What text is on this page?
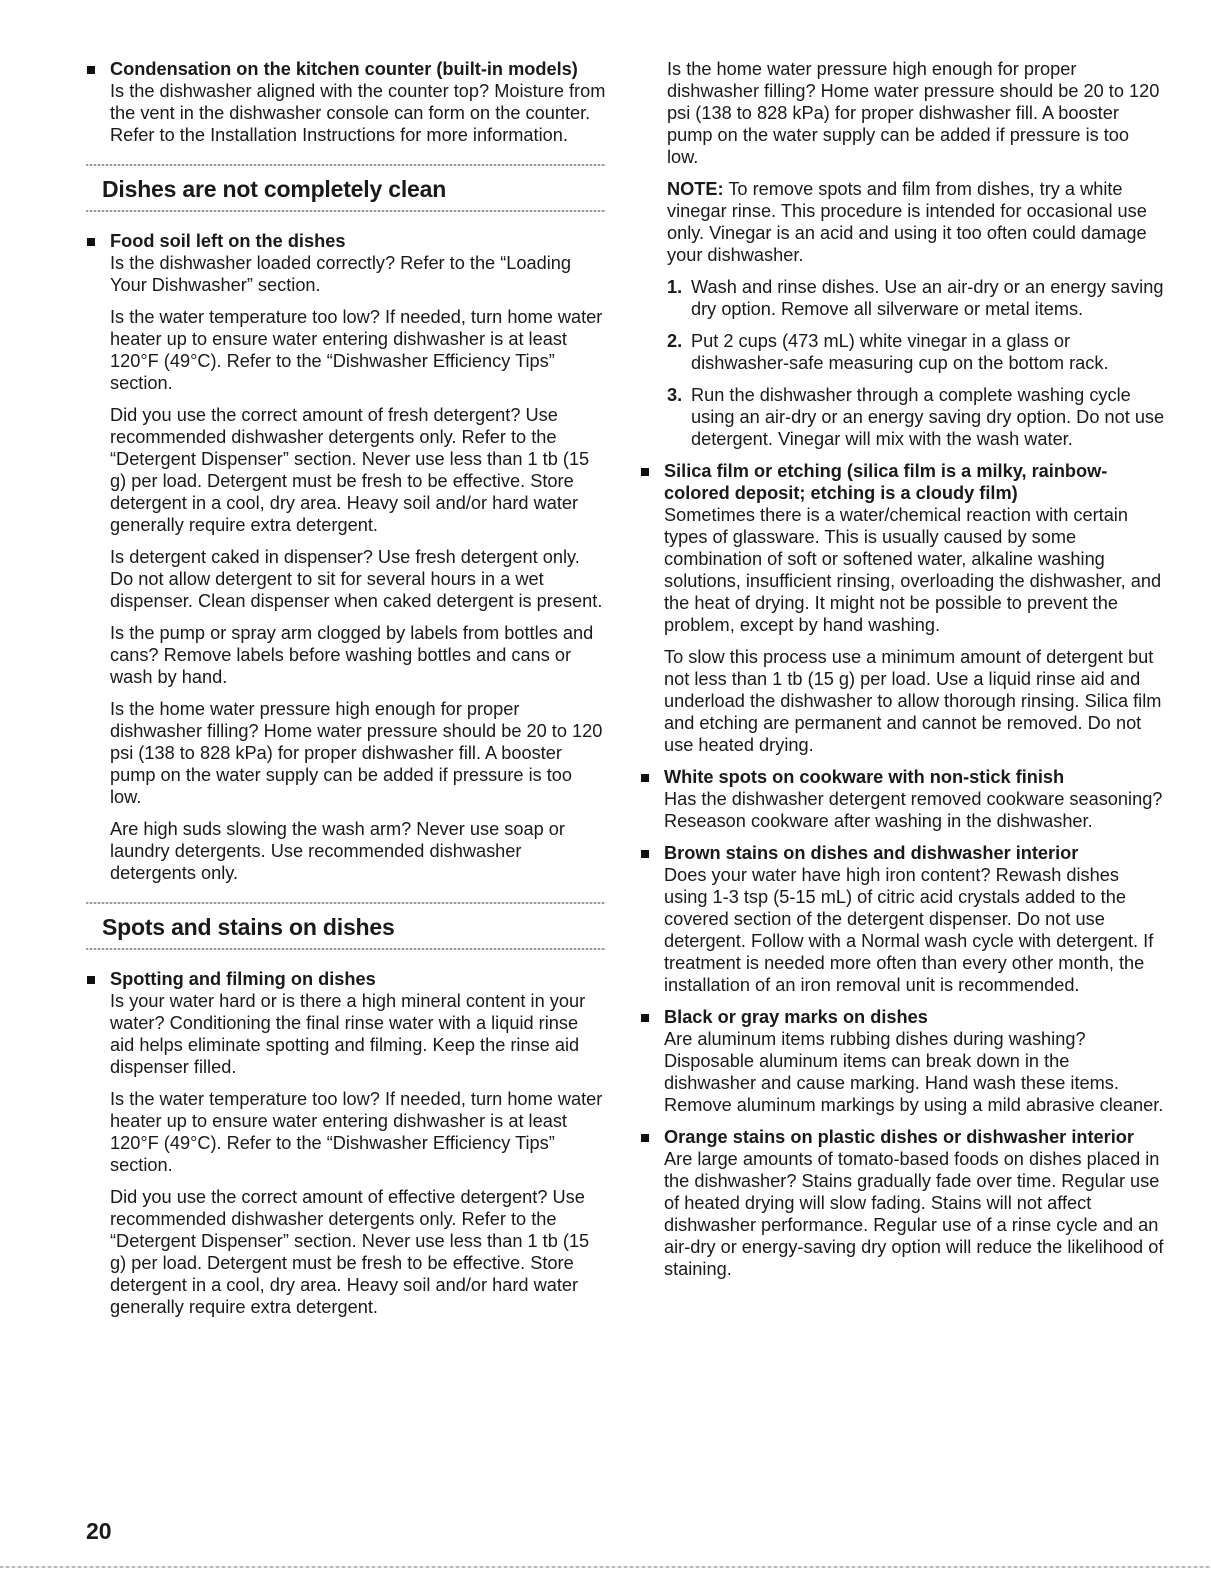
Condensation on the kitchen counter (built-in models)

Is the dishwasher aligned with the counter top? Moisture from the vent in the dishwasher console can form on the counter. Refer to the Installation Instructions for more information.

Dishes are not completely clean
Food soil left on the dishes

Is the dishwasher loaded correctly? Refer to the “Loading Your Dishwasher” section.

Is the water temperature too low? If needed, turn home water heater up to ensure water entering dishwasher is at least 120°F (49°C). Refer to the “Dishwasher Efficiency Tips” section.

Did you use the correct amount of fresh detergent? Use recommended dishwasher detergents only. Refer to the “Detergent Dispenser” section. Never use less than 1 tb (15 g) per load. Detergent must be fresh to be effective. Store detergent in a cool, dry area. Heavy soil and/or hard water generally require extra detergent.

Is detergent caked in dispenser? Use fresh detergent only. Do not allow detergent to sit for several hours in a wet dispenser. Clean dispenser when caked detergent is present.

Is the pump or spray arm clogged by labels from bottles and cans? Remove labels before washing bottles and cans or wash by hand.

Is the home water pressure high enough for proper dishwasher filling? Home water pressure should be 20 to 120 psi (138 to 828 kPa) for proper dishwasher fill. A booster pump on the water supply can be added if pressure is too low.

Are high suds slowing the wash arm? Never use soap or laundry detergents. Use recommended dishwasher detergents only.

Spots and stains on dishes
Spotting and filming on dishes

Is your water hard or is there a high mineral content in your water? Conditioning the final rinse water with a liquid rinse aid helps eliminate spotting and filming. Keep the rinse aid dispenser filled.

Is the water temperature too low? If needed, turn home water heater up to ensure water entering dishwasher is at least 120°F (49°C). Refer to the “Dishwasher Efficiency Tips” section.

Did you use the correct amount of effective detergent? Use recommended dishwasher detergents only. Refer to the “Detergent Dispenser” section. Never use less than 1 tb (15 g) per load. Detergent must be fresh to be effective. Store detergent in a cool, dry area. Heavy soil and/or hard water generally require extra detergent.

Is the home water pressure high enough for proper dishwasher filling? Home water pressure should be 20 to 120 psi (138 to 828 kPa) for proper dishwasher fill. A booster pump on the water supply can be added if pressure is too low.

NOTE: To remove spots and film from dishes, try a white vinegar rinse. This procedure is intended for occasional use only. Vinegar is an acid and using it too often could damage your dishwasher.

1. Wash and rinse dishes. Use an air-dry or an energy saving dry option. Remove all silverware or metal items.
2. Put 2 cups (473 mL) white vinegar in a glass or dishwasher-safe measuring cup on the bottom rack.
3. Run the dishwasher through a complete washing cycle using an air-dry or an energy saving dry option. Do not use detergent. Vinegar will mix with the wash water.
Silica film or etching (silica film is a milky, rainbow-colored deposit; etching is a cloudy film)

Sometimes there is a water/chemical reaction with certain types of glassware. This is usually caused by some combination of soft or softened water, alkaline washing solutions, insufficient rinsing, overloading the dishwasher, and the heat of drying. It might not be possible to prevent the problem, except by hand washing.

To slow this process use a minimum amount of detergent but not less than 1 tb (15 g) per load. Use a liquid rinse aid and underload the dishwasher to allow thorough rinsing. Silica film and etching are permanent and cannot be removed. Do not use heated drying.

White spots on cookware with non-stick finish

Has the dishwasher detergent removed cookware seasoning? Reseason cookware after washing in the dishwasher.

Brown stains on dishes and dishwasher interior

Does your water have high iron content? Rewash dishes using 1-3 tsp (5-15 mL) of citric acid crystals added to the covered section of the detergent dispenser. Do not use detergent. Follow with a Normal wash cycle with detergent. If treatment is needed more often than every other month, the installation of an iron removal unit is recommended.

Black or gray marks on dishes

Are aluminum items rubbing dishes during washing? Disposable aluminum items can break down in the dishwasher and cause marking. Hand wash these items. Remove aluminum markings by using a mild abrasive cleaner.

Orange stains on plastic dishes or dishwasher interior

Are large amounts of tomato-based foods on dishes placed in the dishwasher? Stains gradually fade over time. Regular use of heated drying will slow fading. Stains will not affect dishwasher performance. Regular use of a rinse cycle and an air-dry or energy-saving dry option will reduce the likelihood of staining.

20
